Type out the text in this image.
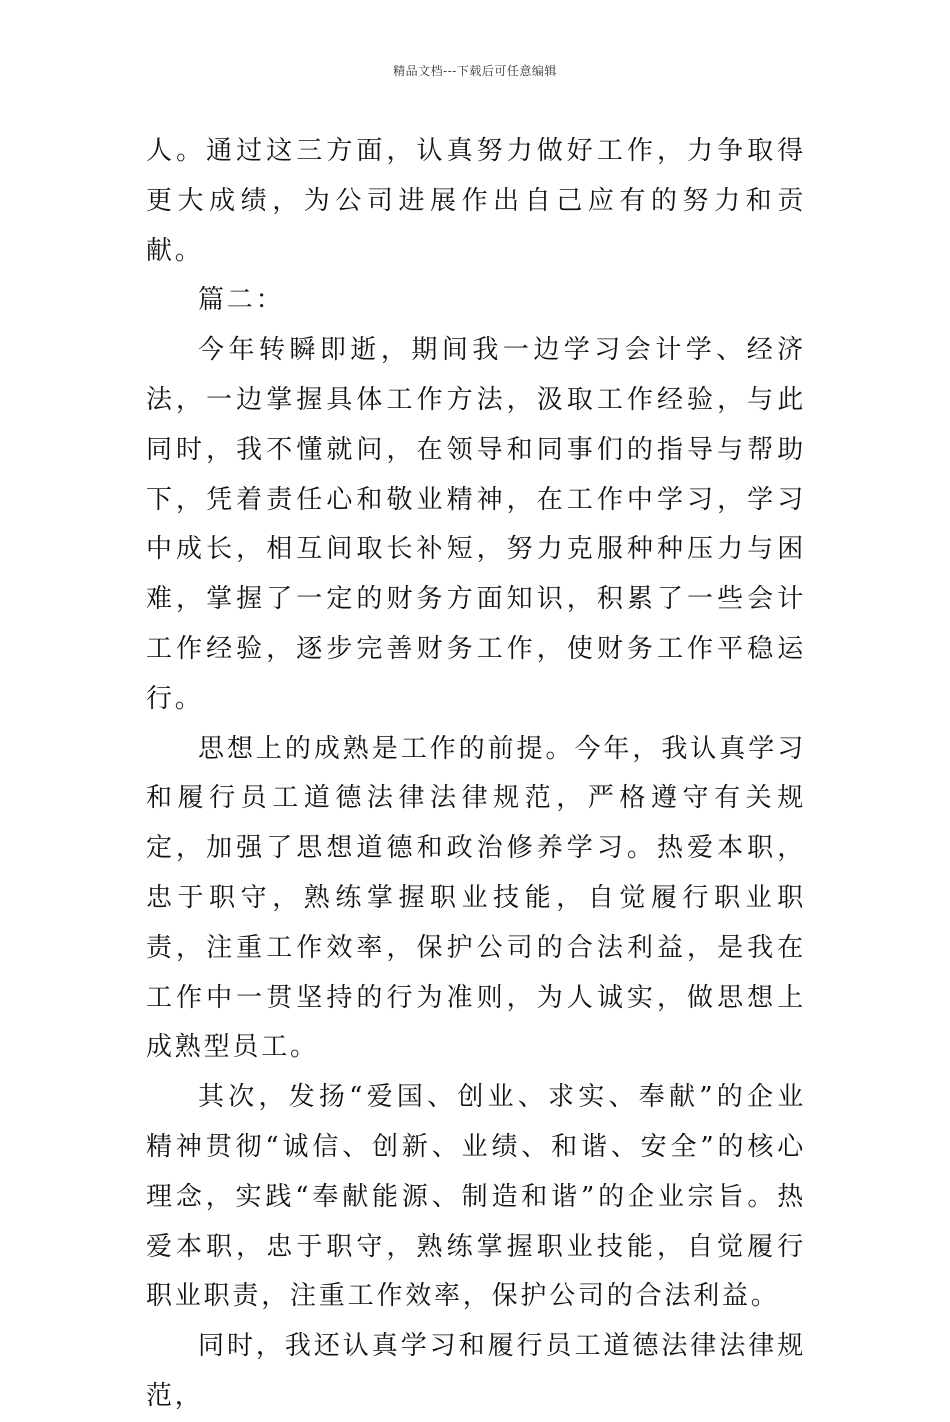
精品文档---下载后可任意编辑

人。通过这三方面，认真努力做好工作，力争取得更大成绩，为公司进展作出自己应有的努力和贡献。

篇二：

今年转瞬即逝，期间我一边学习会计学、经济法，一边掌握具体工作方法，汲取工作经验，与此同时，我不懂就问，在领导和同事们的指导与帮助下，凭着责任心和敬业精神，在工作中学习，学习中成长，相互间取长补短，努力克服种种压力与困难，掌握了一定的财务方面知识，积累了一些会计工作经验，逐步完善财务工作，使财务工作平稳运行。

思想上的成熟是工作的前提。今年，我认真学习和履行员工道德法律法律规范，严格遵守有关规定，加强了思想道德和政治修养学习。热爱本职，忠于职守，熟练掌握职业技能，自觉履行职业职责，注重工作效率，保护公司的合法利益，是我在工作中一贯坚持的行为准则，为人诚实，做思想上成熟型员工。

其次，发扬“爱国、创业、求实、奉献”的企业精神贯彻“诚信、创新、业绩、和谐、安全”的核心理念，实践“奉献能源、制造和谐”的企业宗旨。热爱本职，忠于职守，熟练掌握职业技能，自觉履行职业职责，注重工作效率，保护公司的合法利益。

同时，我还认真学习和履行员工道德法律法律规范，
